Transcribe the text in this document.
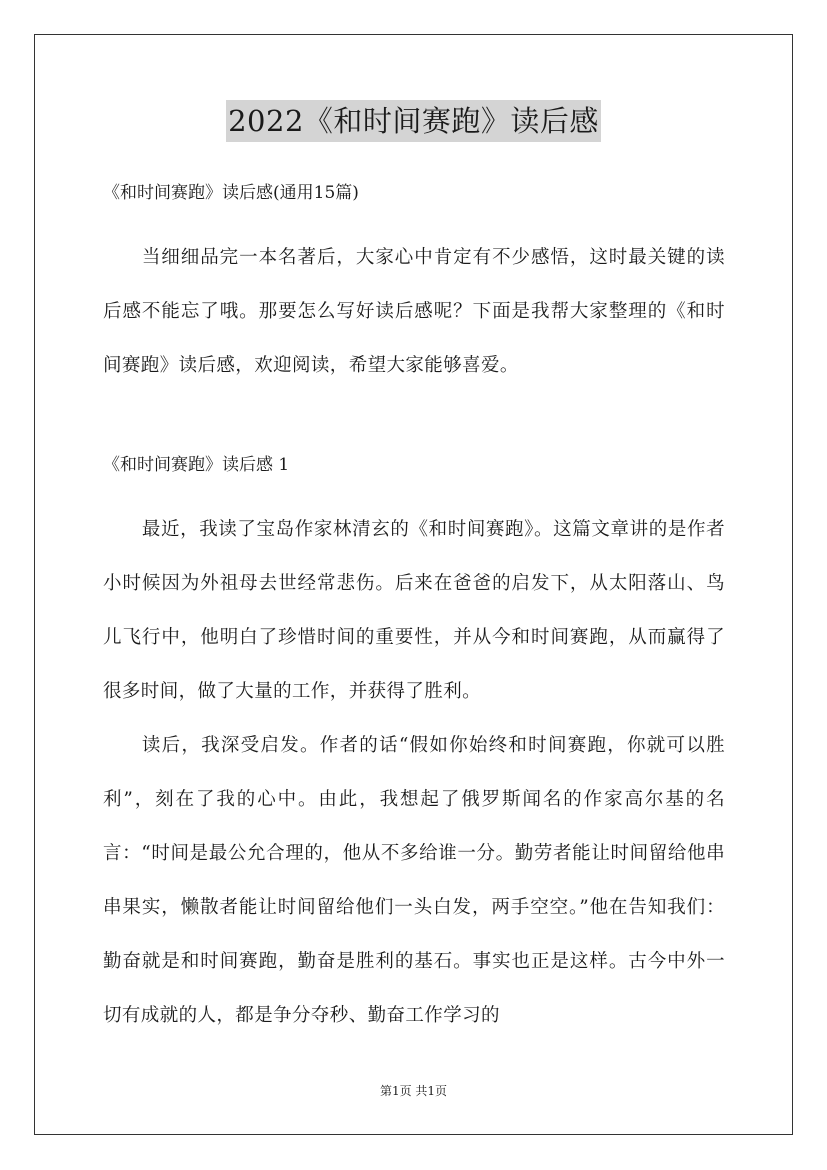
2022《和时间赛跑》读后感
《和时间赛跑》读后感(通用15篇)

当细细品完一本名著后，大家心中肯定有不少感悟，这时最关键的读后感不能忘了哦。那要怎么写好读后感呢？下面是我帮大家整理的《和时间赛跑》读后感，欢迎阅读，希望大家能够喜爱。

《和时间赛跑》读后感 1

最近，我读了宝岛作家林清玄的《和时间赛跑》。这篇文章讲的是作者小时候因为外祖母去世经常悲伤。后来在爸爸的启发下，从太阳落山、鸟儿飞行中，他明白了珍惜时间的重要性，并从今和时间赛跑，从而赢得了很多时间，做了大量的工作，并获得了胜利。

读后，我深受启发。作者的话“假如你始终和时间赛跑，你就可以胜利”，刻在了我的心中。由此，我想起了俄罗斯闻名的作家高尔基的名言：“时间是最公允合理的，他从不多给谁一分。勤劳者能让时间留给他串串果实，懒散者能让时间留给他们一头白发，两手空空。”他在告知我们：勤奋就是和时间赛跑，勤奋是胜利的基石。事实也正是这样。古今中外一切有成就的人，都是争分夺秒、勤奋工作学习的

第1页 共1页
